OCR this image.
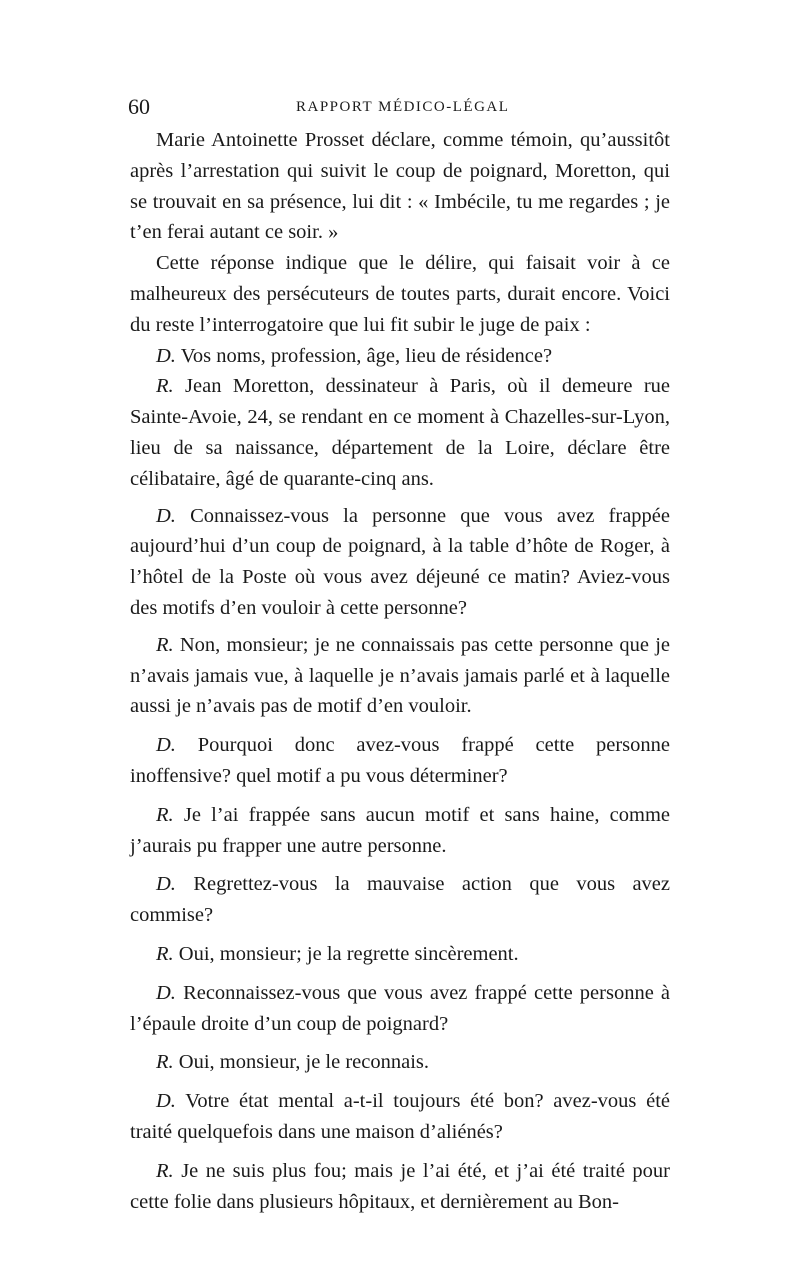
60	RAPPORT MÉDICO-LÉGAL

Marie Antoinette Prosset déclare, comme témoin, qu’aussitôt après l’arrestation qui suivit le coup de poignard, Moretton, qui se trouvait en sa présence, lui dit : « Imbécile, tu me regardes ; je t’en ferai autant ce soir. »

Cette réponse indique que le délire, qui faisait voir à ce malheureux des persécuteurs de toutes parts, durait encore. Voici du reste l’interrogatoire que lui fit subir le juge de paix :

D. Vos noms, profession, âge, lieu de résidence?

R. Jean Moretton, dessinateur à Paris, où il demeure rue Sainte-Avoie, 24, se rendant en ce moment à Chazelles-sur-Lyon, lieu de sa naissance, département de la Loire, déclare être célibataire, âgé de quarante-cinq ans.

D. Connaissez-vous la personne que vous avez frappée aujourd’hui d’un coup de poignard, à la table d’hôte de Roger, à l’hôtel de la Poste où vous avez déjeuné ce matin? Aviez-vous des motifs d’en vouloir à cette personne?

R. Non, monsieur; je ne connaissais pas cette personne que je n’avais jamais vue, à laquelle je n’avais jamais parlé et à laquelle aussi je n’avais pas de motif d’en vouloir.

D. Pourquoi donc avez-vous frappé cette personne inoffensive? quel motif a pu vous déterminer?

R. Je l’ai frappée sans aucun motif et sans haine, comme j’aurais pu frapper une autre personne.

D. Regrettez-vous la mauvaise action que vous avez commise?

R. Oui, monsieur; je la regrette sincèrement.

D. Reconnaissez-vous que vous avez frappé cette personne à l’épaule droite d’un coup de poignard?

R. Oui, monsieur, je le reconnais.

D. Votre état mental a-t-il toujours été bon? avez-vous été traité quelquefois dans une maison d’aliénés?

R. Je ne suis plus fou; mais je l’ai été, et j’ai été traité pour cette folie dans plusieurs hôpitaux, et dernièrement au Bon-
